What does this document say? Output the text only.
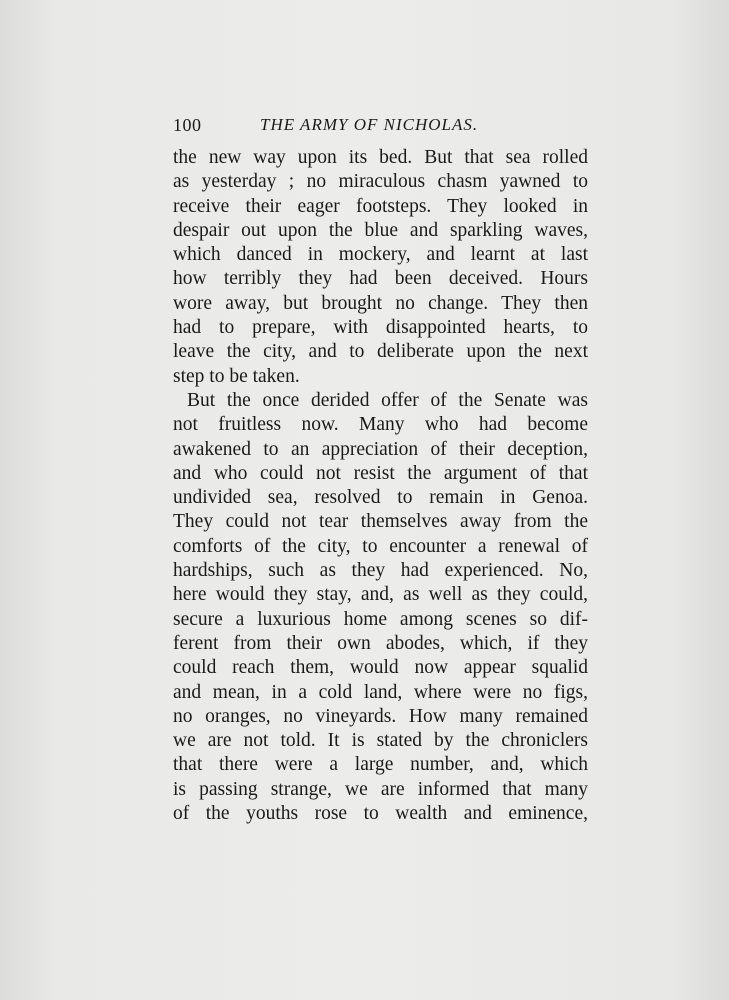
100	THE ARMY OF NICHOLAS.
the new way upon its bed. But that sea rolled
as yesterday ; no miraculous chasm yawned to
receive their eager footsteps. They looked in
despair out upon the blue and sparkling waves,
which danced in mockery, and learnt at last
how terribly they had been deceived. Hours
wore away, but brought no change. They then
had to prepare, with disappointed hearts, to
leave the city, and to deliberate upon the next
step to be taken.
But the once derided offer of the Senate was
not fruitless now. Many who had become
awakened to an appreciation of their deception,
and who could not resist the argument of that
undivided sea, resolved to remain in Genoa.
They could not tear themselves away from the
comforts of the city, to encounter a renewal of
hardships, such as they had experienced. No,
here would they stay, and, as well as they could,
secure a luxurious home among scenes so dif-
ferent from their own abodes, which, if they
could reach them, would now appear squalid
and mean, in a cold land, where were no figs,
no oranges, no vineyards. How many remained
we are not told. It is stated by the chroniclers
that there were a large number, and, which
is passing strange, we are informed that many
of the youths rose to wealth and eminence,
